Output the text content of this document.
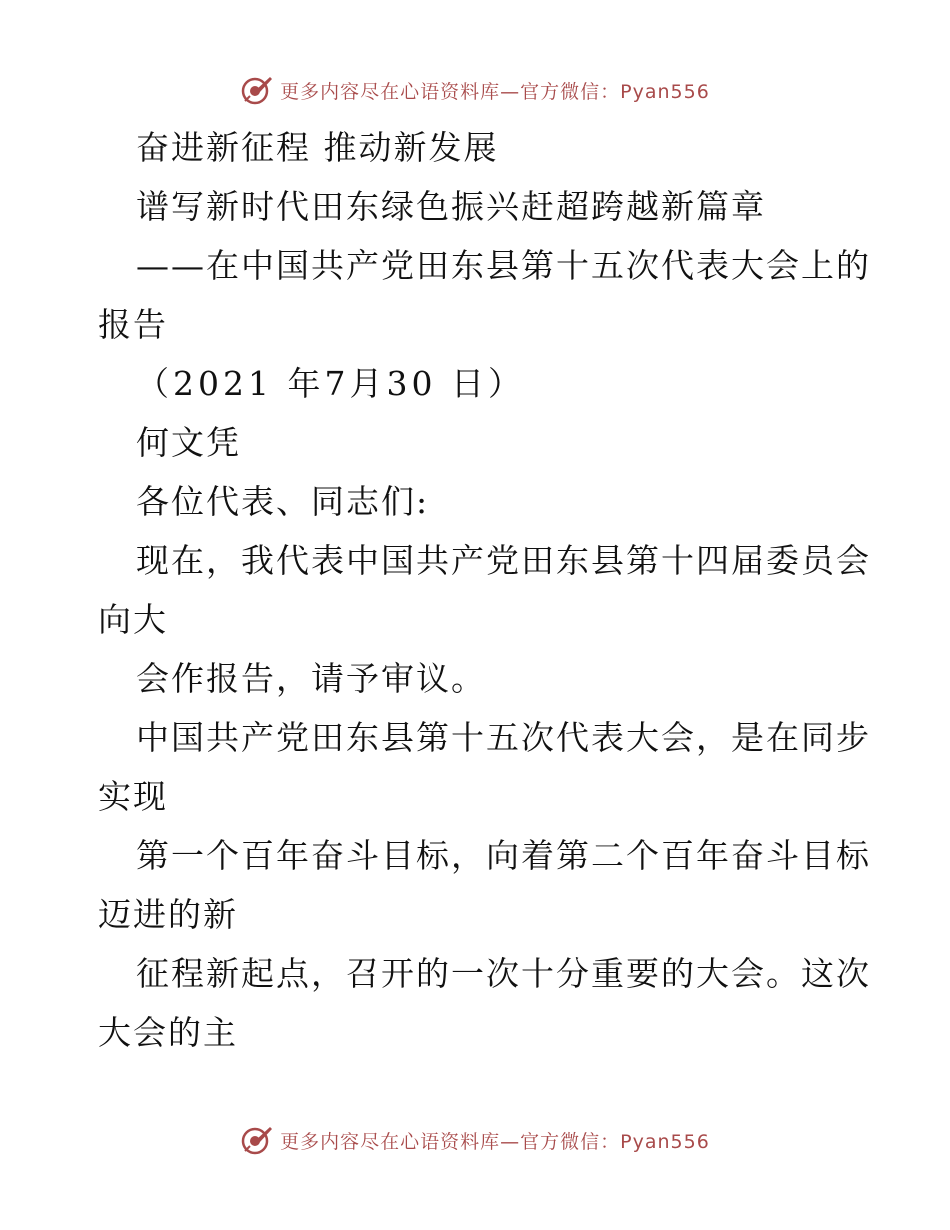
更多内容尽在心语资料库—官方微信：Pyan556
奋进新征程 推动新发展
谱写新时代田东绿色振兴赶超跨越新篇章
——在中国共产党田东县第十五次代表大会上的
报告
（2021 年7月30 日）
何文凭
各位代表、同志们:
现在，我代表中国共产党田东县第十四届委员会
向大
会作报告，请予审议。
中国共产党田东县第十五次代表大会，是在同步
实现
第一个百年奋斗目标，向着第二个百年奋斗目标
迈进的新
征程新起点，召开的一次十分重要的大会。这次
大会的主
更多内容尽在心语资料库—官方微信：Pyan556
